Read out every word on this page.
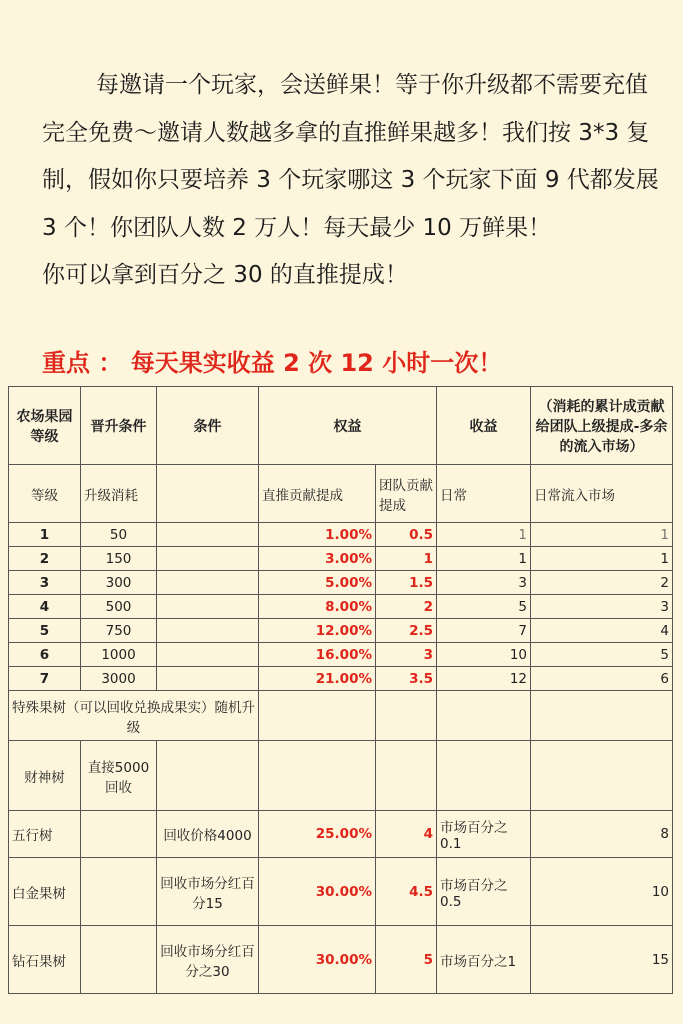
每邀请一个玩家，会送鲜果！等于你升级都不需要充值完全免费～邀请人数越多拿的直推鲜果越多！我们按 3*3 复制，假如你只要培养 3 个玩家哪这 3 个玩家下面 9 代都发展 3 个！你团队人数 2 万人！每天最少 10 万鲜果！

你可以拿到百分之 30 的直推提成！

重点 ： 每天果实收益 2 次 12 小时一次！
农场果园等级	晋升条件	条件	权益		收益	（消耗的累计成贡献给团队上级提成-多余的流入市场）
等级	升级消耗		直推贡献提成	团队贡献提成	日常	日常流入市场
1	50		1.00%	0.5	1	1
2	150		3.00%	1	1	1
3	300		5.00%	1.5	3	2
4	500		8.00%	2	5	3
5	750		12.00%	2.5	7	4
6	1000		16.00%	3	10	5
7	3000		21.00%	3.5	12	6
特殊果树（可以回收兑换成果实）随机升级						
财神树	直接5000回收					
五行树		回收价格4000	25.00%	4	市场百分之0.1	8
白金果树		回收市场分红百分15	30.00%	4.5	市场百分之0.5	10
钻石果树		回收市场分红百分之30	30.00%	5	市场百分之1	15
